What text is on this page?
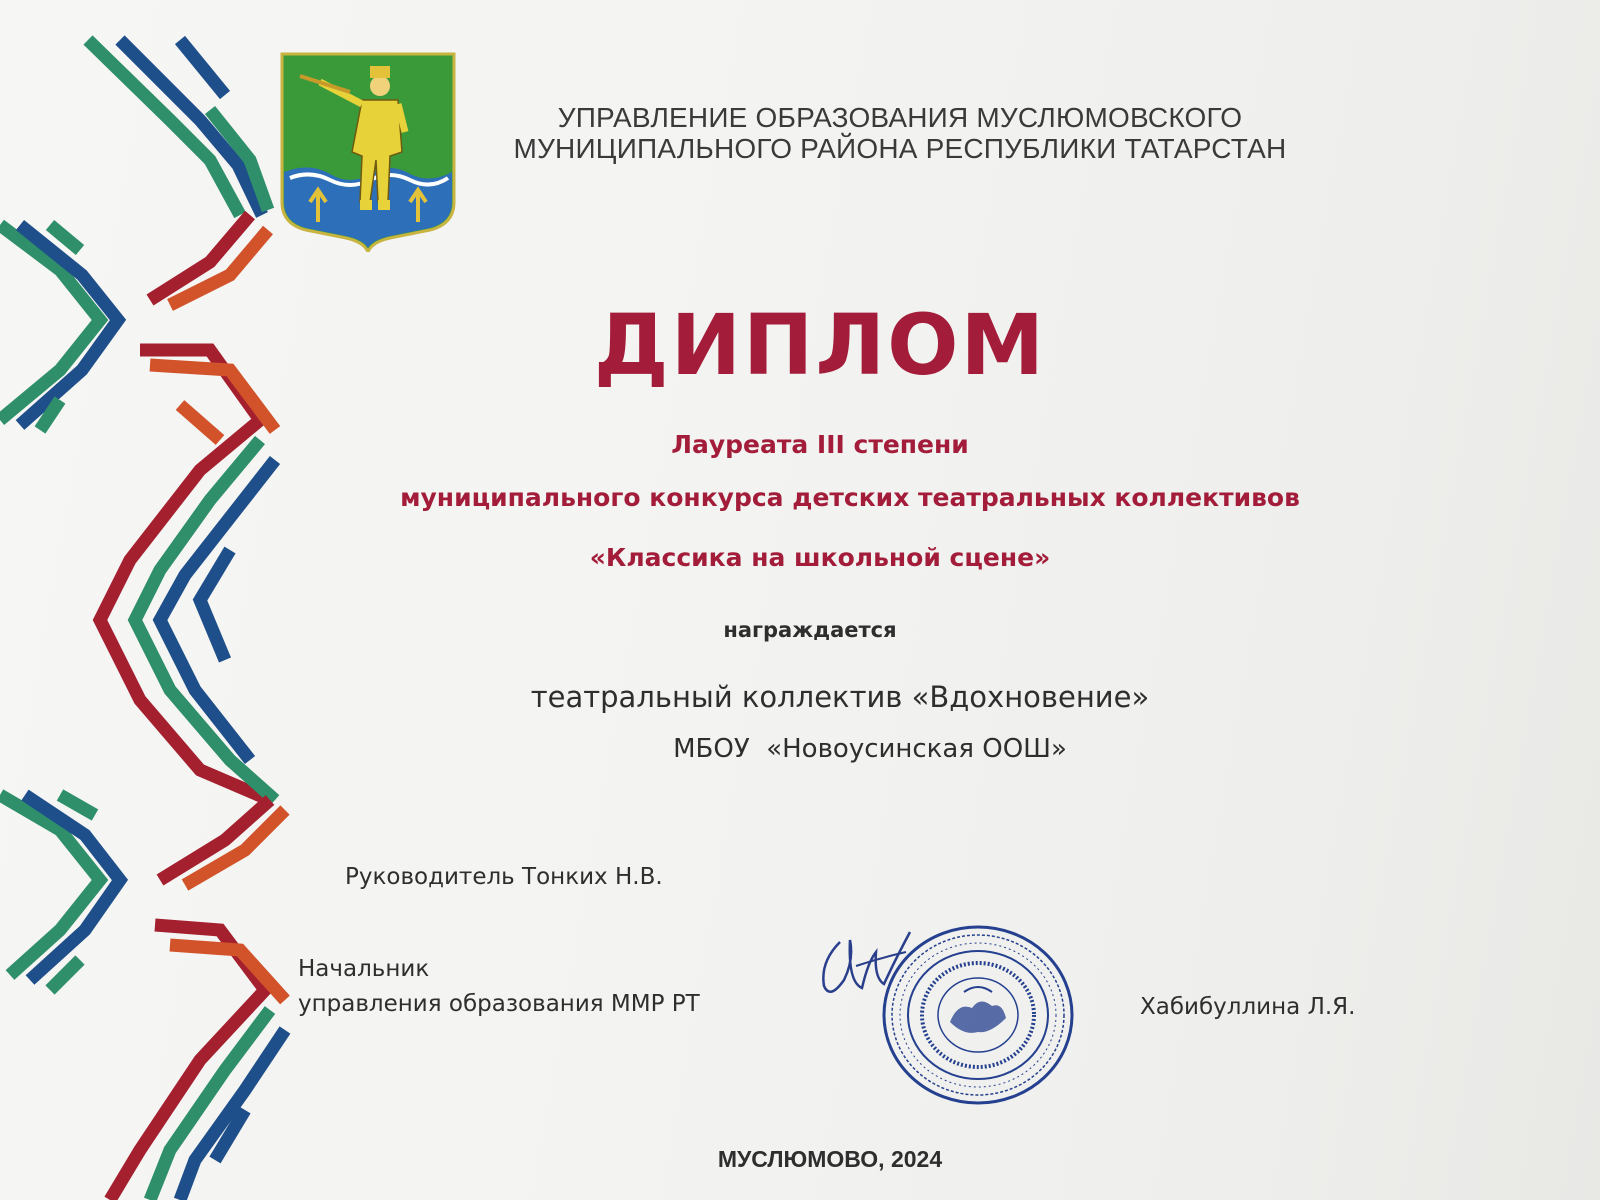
УПРАВЛЕНИЕ ОБРАЗОВАНИЯ МУСЛЮМОВСКОГО
МУНИЦИПАЛЬНОГО РАЙОНА РЕСПУБЛИКИ ТАТАРСТАН
ДИПЛОМ
Лауреата III степени
муниципального конкурса детских театральных коллективов
«Классика на школьной сцене»
награждается
театральный коллектив «Вдохновение»
МБОУ  «Новоусинская ООШ»
Руководитель Тонких Н.В.
Начальник
управления образования ММР РТ	Хабибуллина Л.Я.
МУСЛЮМОВО, 2024
